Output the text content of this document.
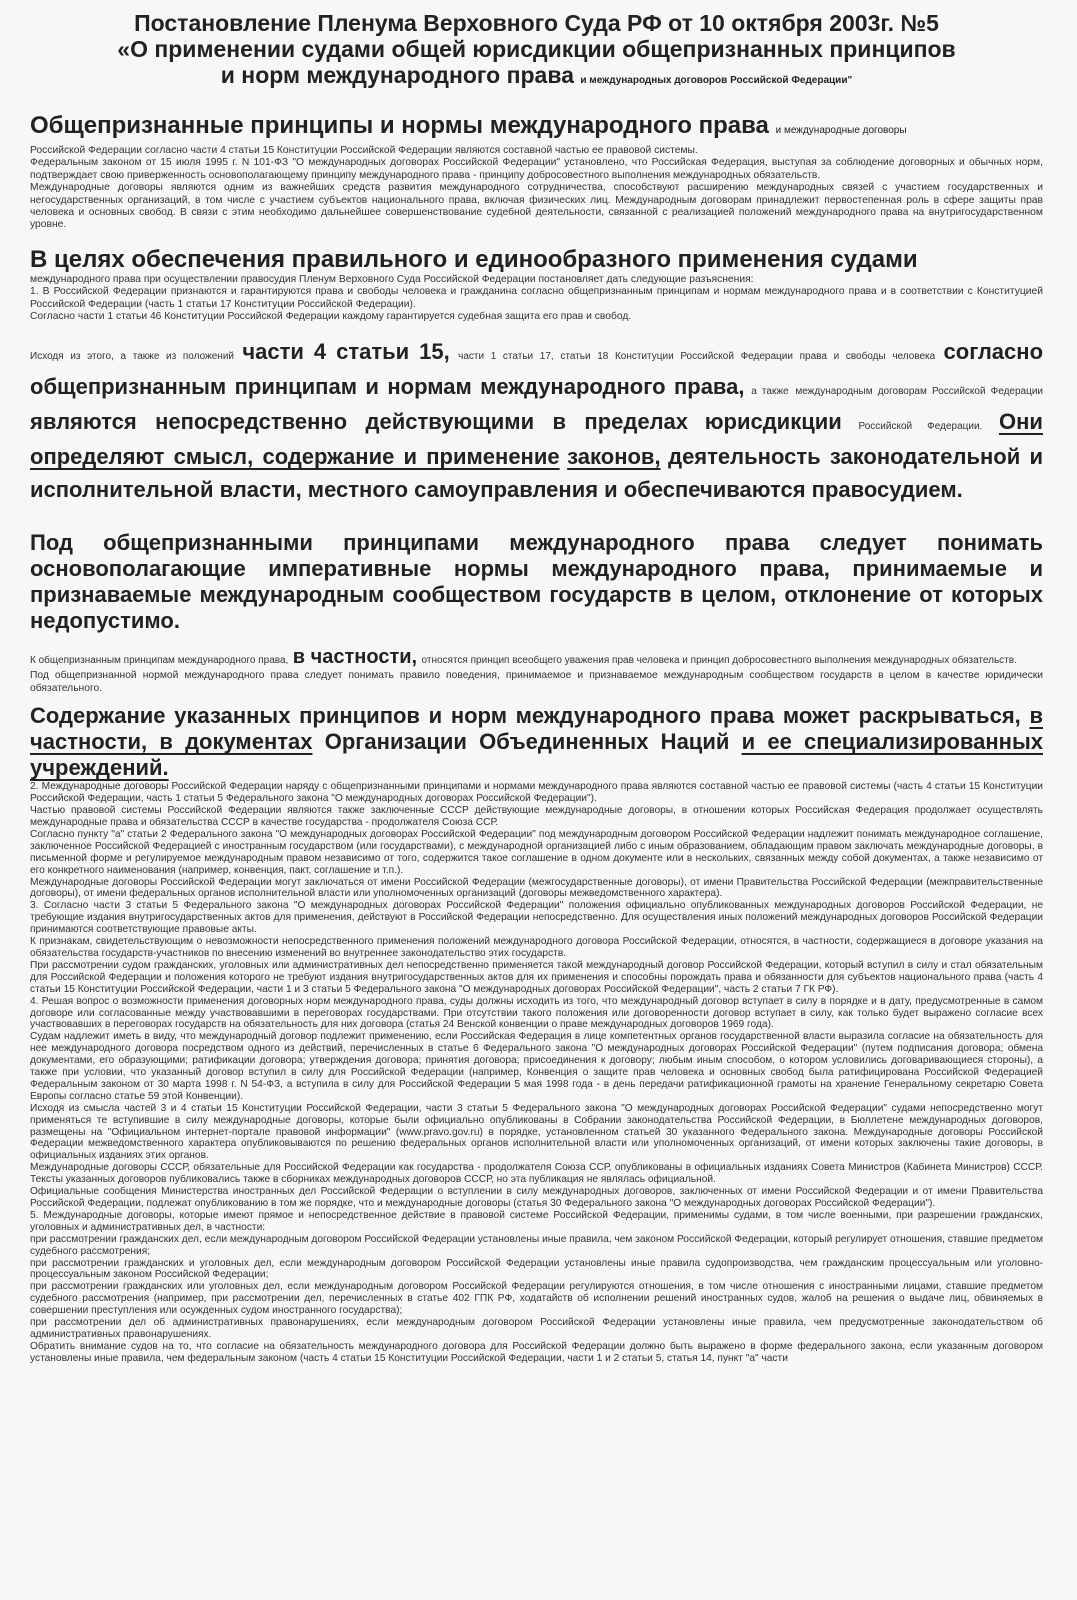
Постановление Пленума Верховного Суда РФ от 10 октября 2003г. №5
«О применении судами общей юрисдикции общепризнанных принципов
и норм международного права и международных договоров Российской Федерации"
Общепризнанные принципы и нормы международного права и международные договоры

Российской Федерации согласно части 4 статьи 15 Конституции Российской Федерации являются составной частью ее правовой системы.

Федеральным законом от 15 июля 1995 г. N 101-ФЗ "О международных договорах Российской Федерации" установлено, что Российская Федерация, выступая за соблюдение договорных и обычных норм, подтверждает свою приверженность основополагающему принципу международного права - принципу добросовестного выполнения международных обязательств.

Международные договоры являются одним из важнейших средств развития международного сотрудничества, способствуют расширению международных связей с участием государственных и негосударственных организаций, в том числе с участием субъектов национального права, включая физических лиц. Международным договорам принадлежит первостепенная роль в сфере защиты прав человека и основных свобод. В связи с этим необходимо дальнейшее совершенствование судебной деятельности, связанной с реализацией положений международного права на внутригосударственном уровне.

В целях обеспечения правильного и единообразного применения судами

международного права при осуществлении правосудия Пленум Верховного Суда Российской Федерации постановляет дать следующие разъяснения:

1. В Российской Федерации признаются и гарантируются права и свободы человека и гражданина согласно общепризнанным принципам и нормам международного права и в соответствии с Конституцией Российской Федерации (часть 1 статьи 17 Конституции Российской Федерации).

Согласно части 1 статьи 46 Конституции Российской Федерации каждому гарантируется судебная защита его прав и свобод.

Исходя из этого, а также из положений части 4 статьи 15, части 1 статьи 17, статьи 18 Конституции Российской Федерации права и свободы человека согласно общепризнанным принципам и нормам международного права, а также международным договорам Российской Федерации являются непосредственно действующими в пределах юрисдикции Российской Федерации. Они определяют смысл, содержание и применение законов, деятельность законодательной и исполнительной власти, местного самоуправления и обеспечиваются правосудием.
Под общепризнанными принципами международного права следует понимать основополагающие императивные нормы международного права, принимаемые и признаваемые международным сообществом государств в целом, отклонение от которых недопустимо.
К общепризнанным принципам международного права, в частности, относятся принцип всеобщего уважения прав человека и принцип добросовестного выполнения международных обязательств.
Под общепризнанной нормой международного права следует понимать правило поведения, принимаемое и признаваемое международным сообществом государств в целом в качестве юридически обязательного.
Содержание указанных принципов и норм международного права может раскрываться, в частности, в документах Организации Объединенных Наций и ее специализированных учреждений.

2. Международные договоры Российской Федерации наряду с общепризнанными принципами и нормами международного права являются составной частью ее правовой системы (часть 4 статьи 15 Конституции Российской Федерации, часть 1 статьи 5 Федерального закона "О международных договорах Российской Федерации").

Частью правовой системы Российской Федерации являются также заключенные СССР действующие международные договоры, в отношении которых Российская Федерация продолжает осуществлять международные права и обязательства СССР в качестве государства - продолжателя Союза ССР.

Согласно пункту "а" статьи 2 Федерального закона "О международных договорах Российской Федерации" под международным договором Российской Федерации надлежит понимать международное соглашение, заключенное Российской Федерацией с иностранным государством (или государствами), с международной организацией либо с иным образованием, обладающим правом заключать международные договоры, в письменной форме и регулируемое международным правом независимо от того, содержится такое соглашение в одном документе или в нескольких, связанных между собой документах, а также независимо от его конкретного наименования (например, конвенция, пакт, соглашение и т.п.).

Международные договоры Российской Федерации могут заключаться от имени Российской Федерации (межгосударственные договоры), от имени Правительства Российской Федерации (межправительственные договоры), от имени федеральных органов исполнительной власти или уполномоченных организаций (договоры межведомственного характера).

3. Согласно части 3 статьи 5 Федерального закона "О международных договорах Российской Федерации" положения официально опубликованных международных договоров Российской Федерации, не требующие издания внутригосударственных актов для применения, действуют в Российской Федерации непосредственно. Для осуществления иных положений международных договоров Российской Федерации принимаются соответствующие правовые акты.

К признакам, свидетельствующим о невозможности непосредственного применения положений международного договора Российской Федерации, относятся, в частности, содержащиеся в договоре указания на обязательства государств-участников по внесению изменений во внутреннее законодательство этих государств.

При рассмотрении судом гражданских, уголовных или административных дел непосредственно применяется такой международный договор Российской Федерации, который вступил в силу и стал обязательным для Российской Федерации и положения которого не требуют издания внутригосударственных актов для их применения и способны порождать права и обязанности для субъектов национального права (часть 4 статьи 15 Конституции Российской Федерации, части 1 и 3 статьи 5 Федерального закона "О международных договорах Российской Федерации", часть 2 статьи 7 ГК РФ).

4. Решая вопрос о возможности применения договорных норм международного права, суды должны исходить из того, что международный договор вступает в силу в порядке и в дату, предусмотренные в самом договоре или согласованные между участвовавшими в переговорах государствами. При отсутствии такого положения или договоренности договор вступает в силу, как только будет выражено согласие всех участвовавших в переговорах государств на обязательность для них договора (статья 24 Венской конвенции о праве международных договоров 1969 года).

Судам надлежит иметь в виду, что международный договор подлежит применению, если Российская Федерация в лице компетентных органов государственной власти выразила согласие на обязательность для нее международного договора посредством одного из действий, перечисленных в статье 6 Федерального закона "О международных договорах Российской Федерации" (путем подписания договора; обмена документами, его образующими; ратификации договора; утверждения договора; принятия договора; присоединения к договору; любым иным способом, о котором условились договаривающиеся стороны), а также при условии, что указанный договор вступил в силу для Российской Федерации (например, Конвенция о защите прав человека и основных свобод была ратифицирована Российской Федерацией Федеральным законом от 30 марта 1998 г. N 54-ФЗ, а вступила в силу для Российской Федерации 5 мая 1998 года - в день передачи ратификационной грамоты на хранение Генеральному секретарю Совета Европы согласно статье 59 этой Конвенции).

Исходя из смысла частей 3 и 4 статьи 15 Конституции Российской Федерации, части 3 статьи 5 Федерального закона "О международных договорах Российской Федерации" судами непосредственно могут применяться те вступившие в силу международные договоры, которые были официально опубликованы в Собрании законодательства Российской Федерации, в Бюллетене международных договоров, размещены на "Официальном интернет-портале правовой информации" (www.pravo.gov.ru) в порядке, установленном статьей 30 указанного Федерального закона. Международные договоры Российской Федерации межведомственного характера опубликовываются по решению федеральных органов исполнительной власти или уполномоченных организаций, от имени которых заключены такие договоры, в официальных изданиях этих органов.

Международные договоры СССР, обязательные для Российской Федерации как государства - продолжателя Союза ССР, опубликованы в официальных изданиях Совета Министров (Кабинета Министров) СССР. Тексты указанных договоров публиковались также в сборниках международных договоров СССР, но эта публикация не являлась официальной.

Официальные сообщения Министерства иностранных дел Российской Федерации о вступлении в силу международных договоров, заключенных от имени Российской Федерации и от имени Правительства Российской Федерации, подлежат опубликованию в том же порядке, что и международные договоры (статья 30 Федерального закона "О международных договорах Российской Федерации").

5. Международные договоры, которые имеют прямое и непосредственное действие в правовой системе Российской Федерации, применимы судами, в том числе военными, при разрешении гражданских, уголовных и административных дел, в частности:

при рассмотрении гражданских дел, если международным договором Российской Федерации установлены иные правила, чем законом Российской Федерации, который регулирует отношения, ставшие предметом судебного рассмотрения;

при рассмотрении гражданских и уголовных дел, если международным договором Российской Федерации установлены иные правила судопроизводства, чем гражданским процессуальным или уголовно-процессуальным законом Российской Федерации;

при рассмотрении гражданских или уголовных дел, если международным договором Российской Федерации регулируются отношения, в том числе отношения с иностранными лицами, ставшие предметом судебного рассмотрения (например, при рассмотрении дел, перечисленных в статье 402 ГПК РФ, ходатайств об исполнении решений иностранных судов, жалоб на решения о выдаче лиц, обвиняемых в совершении преступления или осужденных судом иностранного государства);

при рассмотрении дел об административных правонарушениях, если международным договором Российской Федерации установлены иные правила, чем предусмотренные законодательством об административных правонарушениях.

Обратить внимание судов на то, что согласие на обязательность международного договора для Российской Федерации должно быть выражено в форме федерального закона, если указанным договором установлены иные правила, чем федеральным законом (часть 4 статьи 15 Конституции Российской Федерации, части 1 и 2 статьи 5, статья 14, пункт "а" части
